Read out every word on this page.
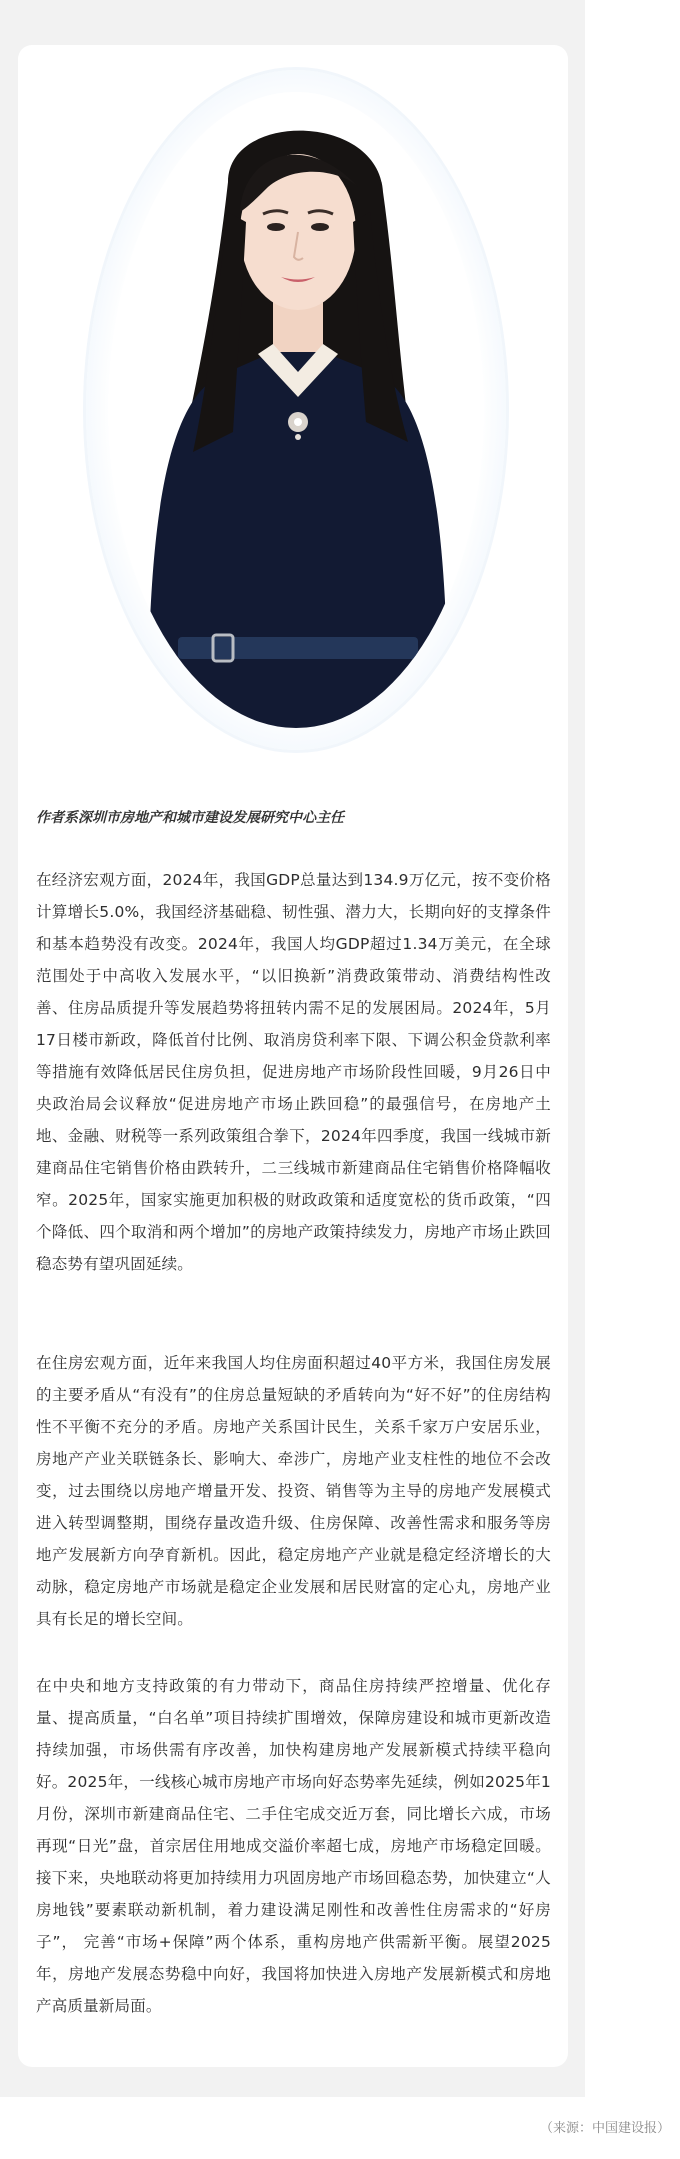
作者系深圳市房地产和城市建设发展研究中心主任

在经济宏观方面，2024年，我国GDP总量达到134.9万亿元，按不变价格计算增长5.0%，我国经济基础稳、韧性强、潜力大，长期向好的支撑条件和基本趋势没有改变。2024年，我国人均GDP超过1.34万美元，在全球范围处于中高收入发展水平，“以旧换新”消费政策带动、消费结构性改善、住房品质提升等发展趋势将扭转内需不足的发展困局。2024年，5月17日楼市新政，降低首付比例、取消房贷利率下限、下调公积金贷款利率等措施有效降低居民住房负担，促进房地产市场阶段性回暖，9月26日中央政治局会议释放“促进房地产市场止跌回稳”的最强信号，在房地产土地、金融、财税等一系列政策组合拳下，2024年四季度，我国一线城市新建商品住宅销售价格由跌转升，二三线城市新建商品住宅销售价格降幅收窄。2025年，国家实施更加积极的财政政策和适度宽松的货币政策，“四个降低、四个取消和两个增加”的房地产政策持续发力，房地产市场止跌回稳态势有望巩固延续。

在住房宏观方面，近年来我国人均住房面积超过40平方米，我国住房发展的主要矛盾从“有没有”的住房总量短缺的矛盾转向为“好不好”的住房结构性不平衡不充分的矛盾。房地产关系国计民生，关系千家万户安居乐业，房地产产业关联链条长、影响大、牵涉广，房地产业支柱性的地位不会改变，过去围绕以房地产增量开发、投资、销售等为主导的房地产发展模式进入转型调整期，围绕存量改造升级、住房保障、改善性需求和服务等房地产发展新方向孕育新机。因此，稳定房地产产业就是稳定经济增长的大动脉，稳定房地产市场就是稳定企业发展和居民财富的定心丸，房地产业具有长足的增长空间。

在中央和地方支持政策的有力带动下，商品住房持续严控增量、优化存量、提高质量，“白名单”项目持续扩围增效，保障房建设和城市更新改造持续加强，市场供需有序改善，加快构建房地产发展新模式持续平稳向好。2025年，一线核心城市房地产市场向好态势率先延续，例如2025年1月份，深圳市新建商品住宅、二手住宅成交近万套，同比增长六成，市场再现“日光”盘，首宗居住用地成交溢价率超七成，房地产市场稳定回暖。接下来，央地联动将更加持续用力巩固房地产市场回稳态势，加快建立“人房地钱”要素联动新机制，着力建设满足刚性和改善性住房需求的“好房子”， 完善“市场+保障”两个体系，重构房地产供需新平衡。展望2025年，房地产发展态势稳中向好，我国将加快进入房地产发展新模式和房地产高质量新局面。

（来源：中国建设报）
